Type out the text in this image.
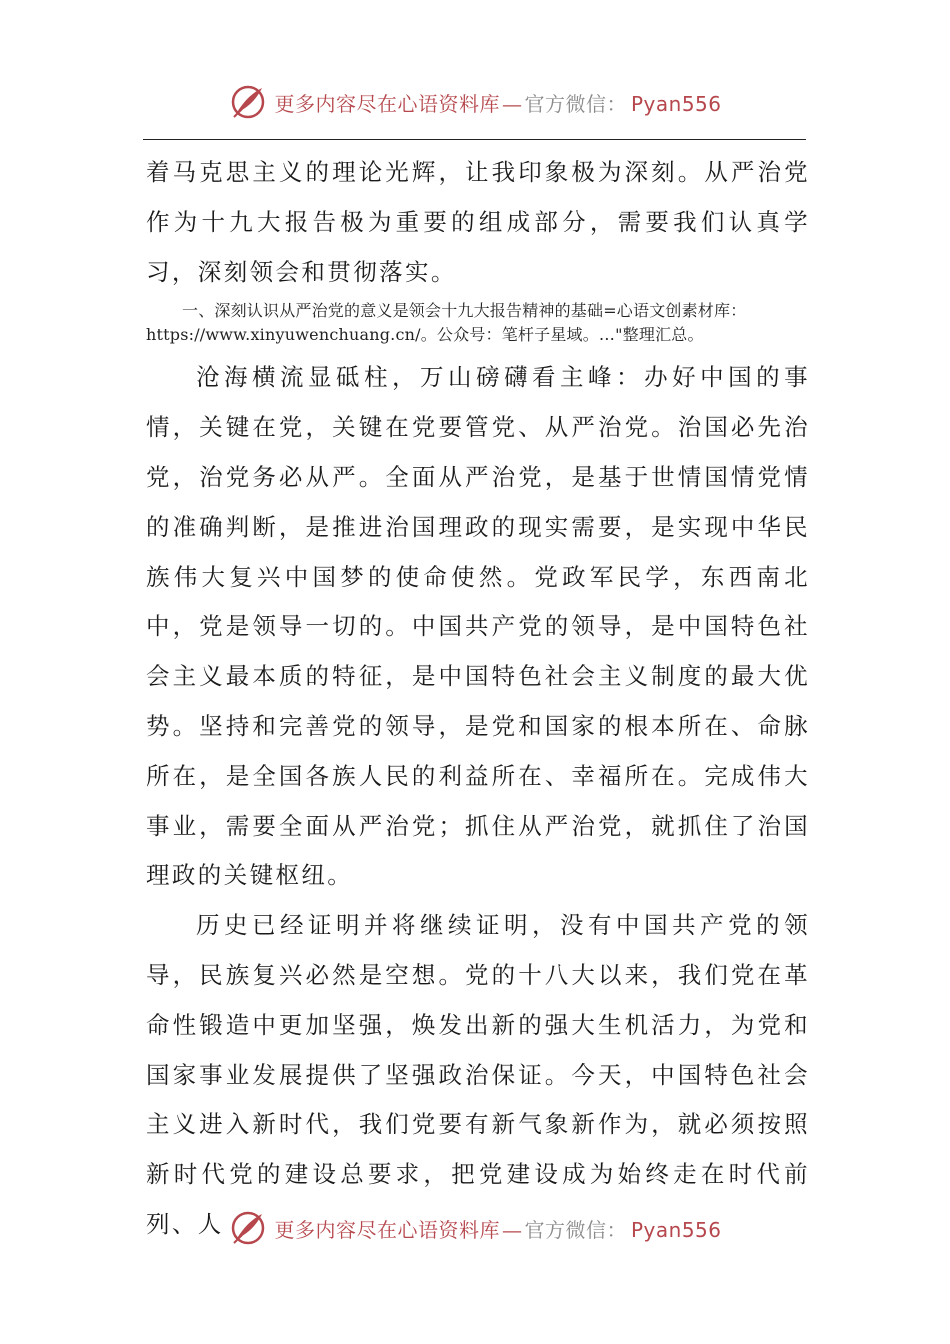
更多内容尽在心语资料库 — 官方微信： Pyan556

着马克思主义的理论光辉，让我印象极为深刻。从严治党作为十九大报告极为重要的组成部分，需要我们认真学习，深刻领会和贯彻落实。

一、深刻认识从严治党的意义是领会十九大报告精神的基础=心语文创素材库：https://www.xinyuwenchuang.cn/。公众号：笔杆子星域。…"整理汇总。

沧海横流显砥柱，万山磅礴看主峰：办好中国的事情，关键在党，关键在党要管党、从严治党。治国必先治党，治党务必从严。全面从严治党，是基于世情国情党情的准确判断，是推进治国理政的现实需要，是实现中华民族伟大复兴中国梦的使命使然。党政军民学，东西南北中，党是领导一切的。中国共产党的领导，是中国特色社会主义最本质的特征，是中国特色社会主义制度的最大优势。坚持和完善党的领导，是党和国家的根本所在、命脉所在，是全国各族人民的利益所在、幸福所在。完成伟大事业，需要全面从严治党；抓住从严治党，就抓住了治国理政的关键枢纽。

历史已经证明并将继续证明，没有中国共产党的领导，民族复兴必然是空想。党的十八大以来，我们党在革命性锻造中更加坚强，焕发出新的强大生机活力，为党和国家事业发展提供了坚强政治保证。今天，中国特色社会主义进入新时代，我们党要有新气象新作为，就必须按照新时代党的建设总要求，把党建设成为始终走在时代前列、人	更多内容尽在心语资料库 — 官方微信： Pyan556
